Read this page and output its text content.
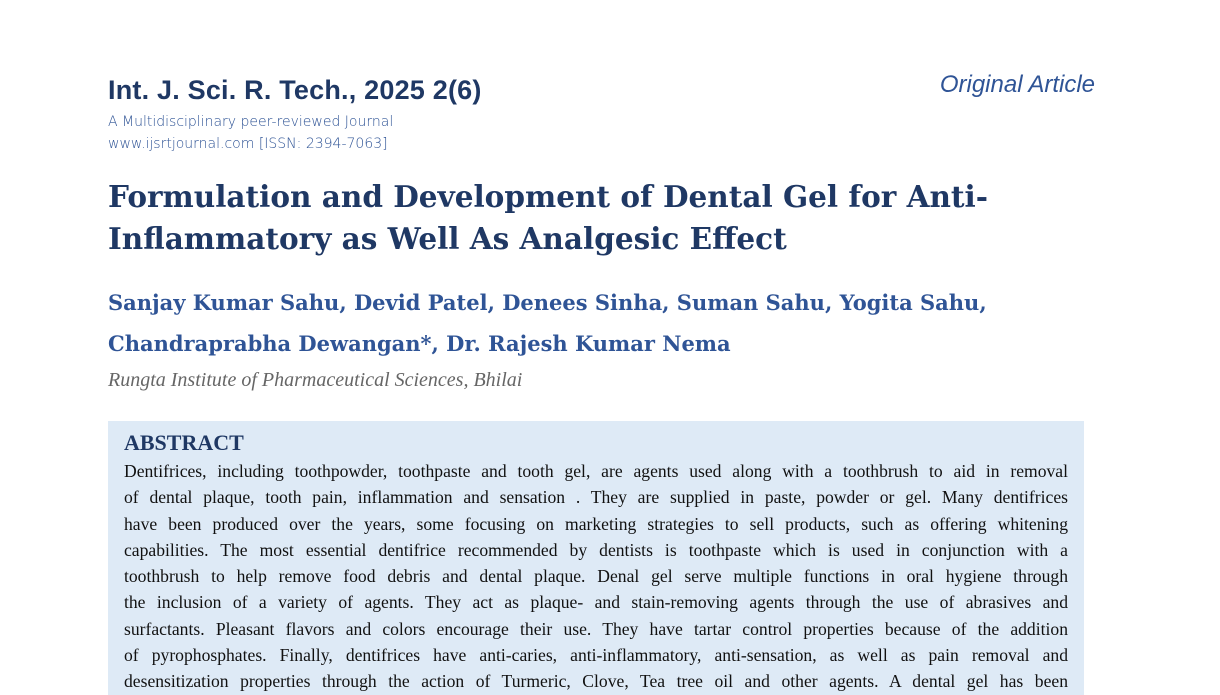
Int. J. Sci. R. Tech., 2025 2(6)	Original Article
A Multidisciplinary peer-reviewed Journal
www.ijsrtjournal.com [ISSN: 2394-7063]
Formulation and Development of Dental Gel for Anti-
Inflammatory as Well As Analgesic Effect
Sanjay Kumar Sahu, Devid Patel, Denees Sinha, Suman Sahu, Yogita Sahu,
Chandraprabha Dewangan*, Dr. Rajesh Kumar Nema
Rungta Institute of Pharmaceutical Sciences, Bhilai
ABSTRACT
Dentifrices, including toothpowder, toothpaste and tooth gel, are agents used along with a toothbrush to aid in removal
of dental plaque, tooth pain, inflammation and sensation . They are supplied in paste, powder or gel. Many dentifrices
have been produced over the years, some focusing on marketing strategies to sell products, such as offering whitening
capabilities. The most essential dentifrice recommended by dentists is toothpaste which is used in conjunction with a
toothbrush to help remove food debris and dental plaque. Denal gel serve multiple functions in oral hygiene through
the inclusion of a variety of agents. They act as plaque- and stain-removing agents through the use of abrasives and
surfactants. Pleasant flavors and colors encourage their use. They have tartar control properties because of the addition
of pyrophosphates. Finally, dentifrices have anti-caries, anti-inflammatory, anti-sensation, as well as pain removal and
desensitization properties through the action of Turmeric, Clove, Tea tree oil and other agents. A dental gel has been
